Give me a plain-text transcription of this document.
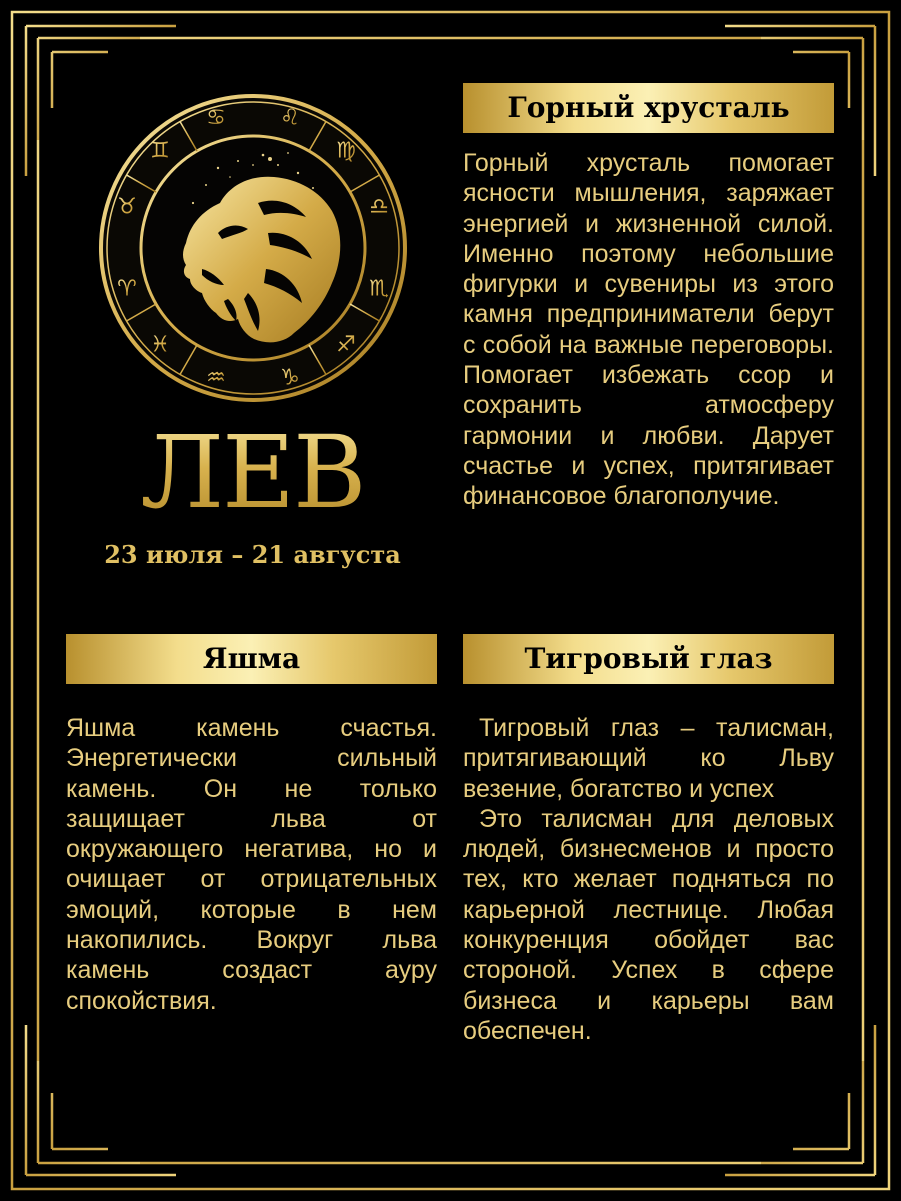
♌
♍
♎
♏
♐
♑
♒
♓
♈
♉
♊
♋
ЛЕВ
23 июля – 21 августа
Горный хрусталь

Горный хрусталь помогает ясности мышления, заряжает энергией и жизненной силой. Именно поэтому небольшие фигурки и сувениры из этого камня предприниматели берут с собой на важные переговоры. Помогает избежать ссор и сохранить атмосферу гармонии и любви. Дарует счастье и успех, притягивает финансовое благополучие.

Яшма

Яшма камень счастья. Энергетически сильный камень. Он не только защищает льва от окружающего негатива, но и очищает от отрицательных эмоций, которые в нем накопились. Вокруг льва камень создаст ауру спокойствия.

Тигровый глаз

Тигровый глаз – талисман, притягивающий ко Льву везение, богатство и успех

Это талисман для деловых людей, бизнесменов и просто тех, кто желает подняться по карьерной лестнице. Любая конкуренция обойдет вас стороной. Успех в сфере бизнеса и карьеры вам обеспечен.
